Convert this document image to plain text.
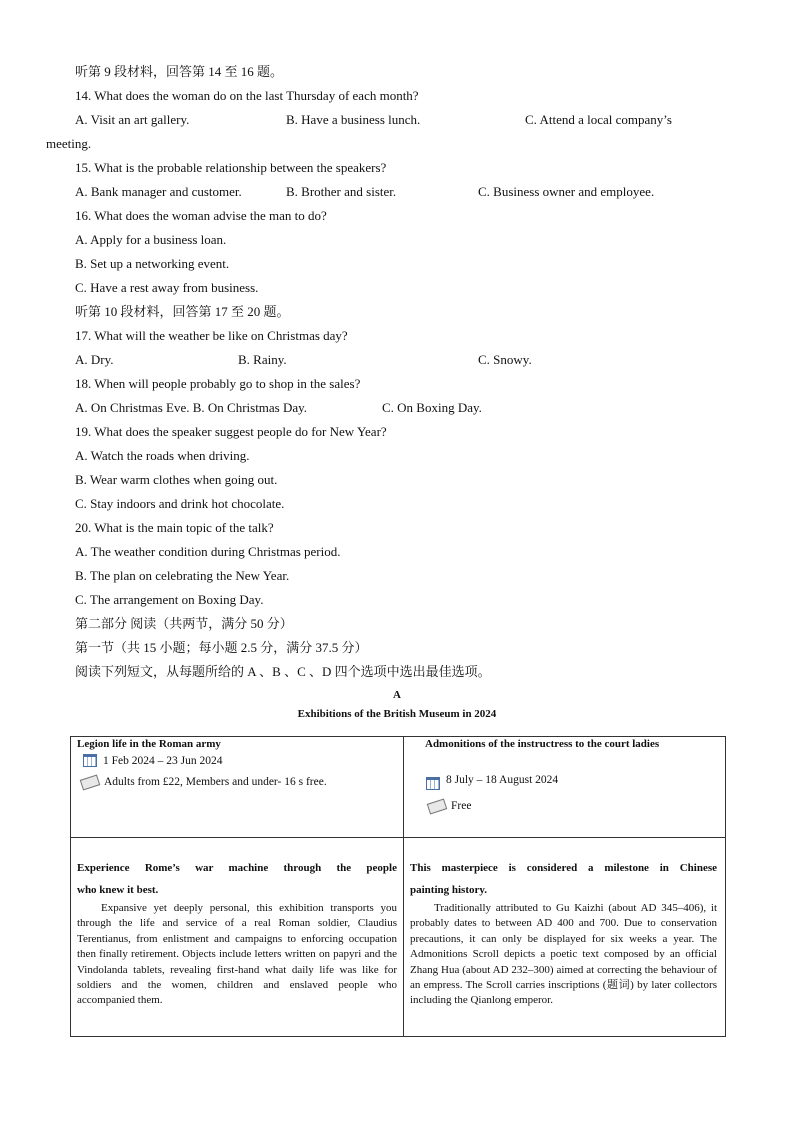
听第 9 段材料，回答第 14 至 16 题。
14. What does the woman do on the last Thursday of each month?
A. Visit an art gallery.	B. Have a business lunch.	C. Attend a local company’s
meeting.
15. What is the probable relationship between the speakers?
A. Bank manager and customer.	B. Brother and sister.	C. Business owner and employee.
16. What does the woman advise the man to do?
A. Apply for a business loan.
B. Set up a networking event.
C. Have a rest away from business.
听第 10 段材料，回答第 17 至 20 题。
17. What will the weather be like on Christmas day?
A. Dry.	B. Rainy.	C. Snowy.
18. When will people probably go to shop in the sales?
A. On Christmas Eve. B. On Christmas Day.	C. On Boxing Day.
19. What does the speaker suggest people do for New Year?
A. Watch the roads when driving.
B. Wear warm clothes when going out.
C. Stay indoors and drink hot chocolate.
20. What is the main topic of the talk?
A. The weather condition during Christmas period.
B. The plan on celebrating the New Year.
C. The arrangement on Boxing Day.
第二部分 阅读（共两节，满分 50 分）
第一节（共 15 小题；每小题 2.5 分，满分 37.5 分）
阅读下列短文，从每题所给的 A 、B 、C 、D 四个选项中选出最佳选项。
A
Exhibitions of the British Museum in 2024
Legion life in the Roman army
1 Feb 2024 – 23 Jun 2024
Adults from £22, Members and under- 16 s free.
Admonitions of the instructress to the court ladies
8 July – 18 August 2024
Free
Experience Rome’s war machine through the people
who knew it best.
Expansive yet deeply personal, this exhibition transports you through the life and service of a real Roman soldier, Claudius Terentianus, from enlistment and campaigns to enforcing occupation then finally retirement. Objects include letters written on papyri and the Vindolanda tablets, revealing first-hand what daily life was like for soldiers and the women, children and enslaved people who accompanied them.
This masterpiece is considered a milestone in Chinese
painting history.
Traditionally attributed to Gu Kaizhi (about AD 345–406), it probably dates to between AD 400 and 700. Due to conservation precautions, it can only be displayed for six weeks a year. The Admonitions Scroll depicts a poetic text composed by an official Zhang Hua (about AD 232–300) aimed at correcting the behaviour of an empress. The Scroll carries inscriptions (题词) by later collectors including the Qianlong emperor.
